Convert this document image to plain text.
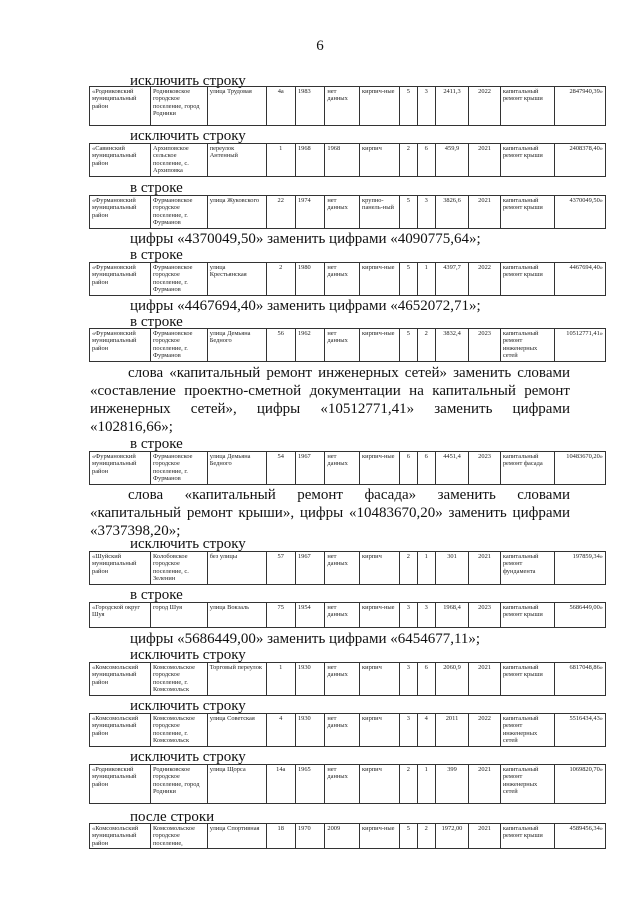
6
исключить строку
«Родниковский муниципальный район	Родниковское городское поселение, город Родники	улица Трудовая	4а	1983	нет данных	кирпич-ные	5	3	2411,3	2022	капитальный ремонт крыши	2847940,39»
исключить строку
«Савинский муниципальный район	Архиповское сельское поселение, с. Архиповка	переулок Антенный	1	1968	1968	кирпич	2	6	459,9	2021	капитальный ремонт крыши	2408378,40»
в строке
«Фурмановский муниципальный район	Фурмановское городское поселение, г. Фурманов	улица Жуковского	22	1974	нет данных	крупно-панель-ный	5	3	3826,6	2021	капитальный ремонт крыши	4370049,50»
цифры «4370049,50» заменить цифрами «4090775,64»;
в строке
«Фурмановский муниципальный район	Фурмановское городское поселение, г. Фурманов	улица Крестьянская	2	1980	нет данных	кирпич-ные	5	1	4397,7	2022	капитальный ремонт крыши	4467694,40»
цифры «4467694,40» заменить цифрами «4652072,71»;
в строке
«Фурмановский муниципальный район	Фурмановское городское поселение, г. Фурманов	улица Демьяна Бедного	56	1962	нет данных	кирпич-ные	5	2	3832,4	2023	капитальный ремонт инженерных сетей	10512771,41»
слова «капитальный ремонт инженерных сетей» заменить словами
«составление проектно-сметной документации на капитальный ремонт
инженерных сетей», цифры «10512771,41» заменить цифрами
«102816,66»;
в строке
«Фурмановский муниципальный район	Фурмановское городское поселение, г. Фурманов	улица Демьяна Бедного	54	1967	нет данных	кирпич-ные	6	6	4451,4	2023	капитальный ремонт фасада	10483670,20»
слова «капитальный ремонт фасада» заменить словами
«капитальный ремонт крыши», цифры «10483670,20» заменить цифрами
«3737398,20»;
исключить строку
«Шуйский муниципальный район	Колобовское городское поселение, с. Зеленин	без улицы	57	1967	нет данных	кирпич	2	1	301	2021	капитальный ремонт фундамента	197859,34»
в строке
«Городской округ Шуя	город Шуя	улица Вокзаль	75	1954	нет данных	кирпич-ные	3	3	1968,4	2023	капитальный ремонт крыши	5686449,00»
цифры «5686449,00» заменить цифрами «6454677,11»;
исключить строку
«Комсомольский муниципальный район	Комсомольское городское поселение, г. Комсомольск	Торговый переулок	1	1930	нет данных	кирпич	3	6	2060,9	2021	капитальный ремонт крыши	6817048,86»
исключить строку
«Комсомольский муниципальный район	Комсомольское городское поселение, г. Комсомольск	улица Советская	4	1930	нет данных	кирпич	3	4	2011	2022	капитальный ремонт инженерных сетей	5516434,43»
исключить строку
«Родниковский муниципальный район	Родниковское городское поселение, город Родники	улица Щорса	14а	1965	нет данных	кирпич	2	1	399	2021	капитальный ремонт инженерных сетей	1069820,70»
после строки
«Комсомольский муниципальный район	Комсомольское городское поселение,	улица Спортивная	18	1970	2009	кирпич-ные	5	2	1972,00	2021	капитальный ремонт крыши	4589456,34»
